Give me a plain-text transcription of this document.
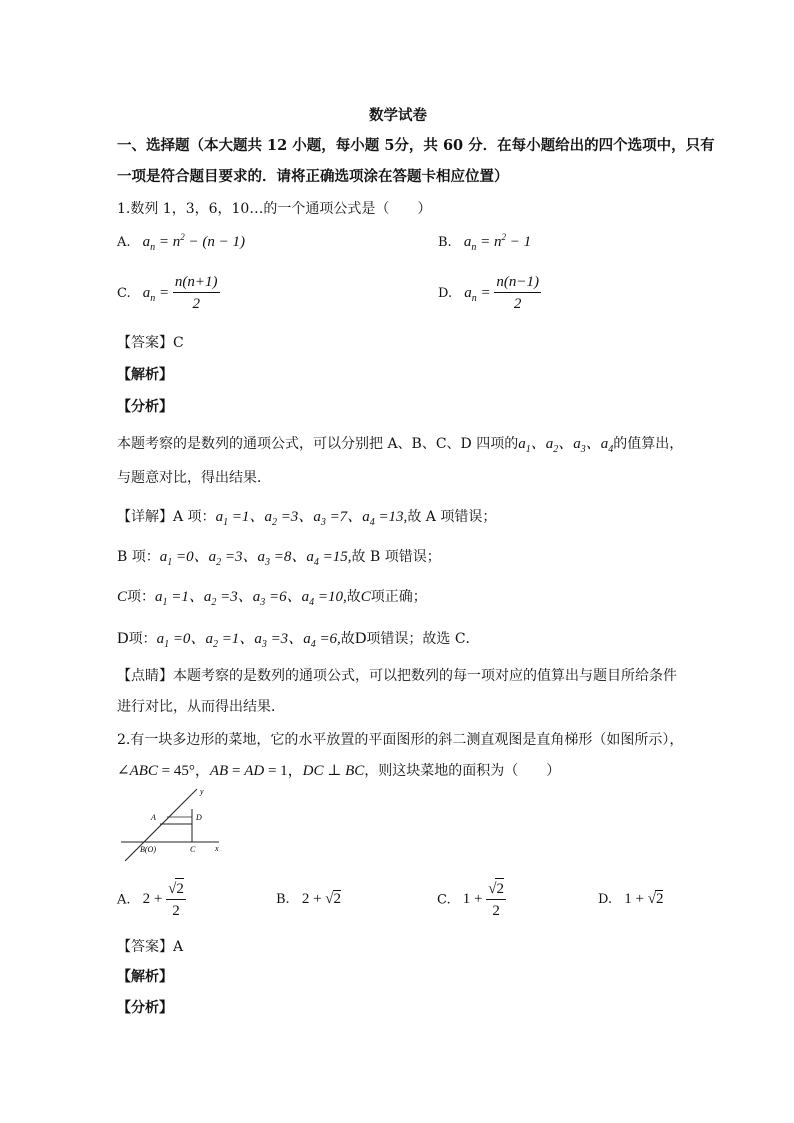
数学试卷
一、选择题（本大题共 12 小题，每小题 5分，共 60 分．在每小题给出的四个选项中，只有
一项是符合题目要求的．请将正确选项涂在答题卡相应位置）
1.数列 1，3，6，10…的一个通项公式是（　　）
A. $a_n = n^2 - (n - 1)$	B. $a_n = n^2 - 1$
C. $a_n = \frac{n(n+1)}{2}$	D. $a_n = \frac{n(n-1)}{2}$
【答案】C
【解析】
【分析】
本题考察的是数列的通项公式，可以分别把 A、B、C、D 四项的$a_1$、$a_2$、$a_3$、$a_4$的值算出，
与题意对比，得出结果．
【详解】A 项：$a_1 =1$、$a_2 =3$、$a_3 =7$、$a_4 =13$,故 A 项错误；
B 项：$a_1 =0$、$a_2 =3$、$a_3 =8$、$a_4 =15$,故 B 项错误；
C项：$a_1 =1$、$a_2 =3$、$a_3 =6$、$a_4 =10$,故C项正确；
D项：$a_1 =0$、$a_2 =1$、$a_3 =3$、$a_4 =6$,故D项错误；故选 C．
【点睛】本题考察的是数列的通项公式，可以把数列的每一项对应的值算出与题目所给条件
进行对比，从而得出结果．
2.有一块多边形的菜地，它的水平放置的平面图形的斜二测直观图是直角梯形（如图所示），
∠ABC = 45°，AB = AD = 1，DC ⊥ BC，则这块菜地的面积为（　　）
y
x
A	D
C
B(O)
A. $2 + \frac{√2}{2}$	B. 2 + √2	C. $1 + \frac{√2}{2}$	D. 1 + √2
【答案】A
【解析】
【分析】
